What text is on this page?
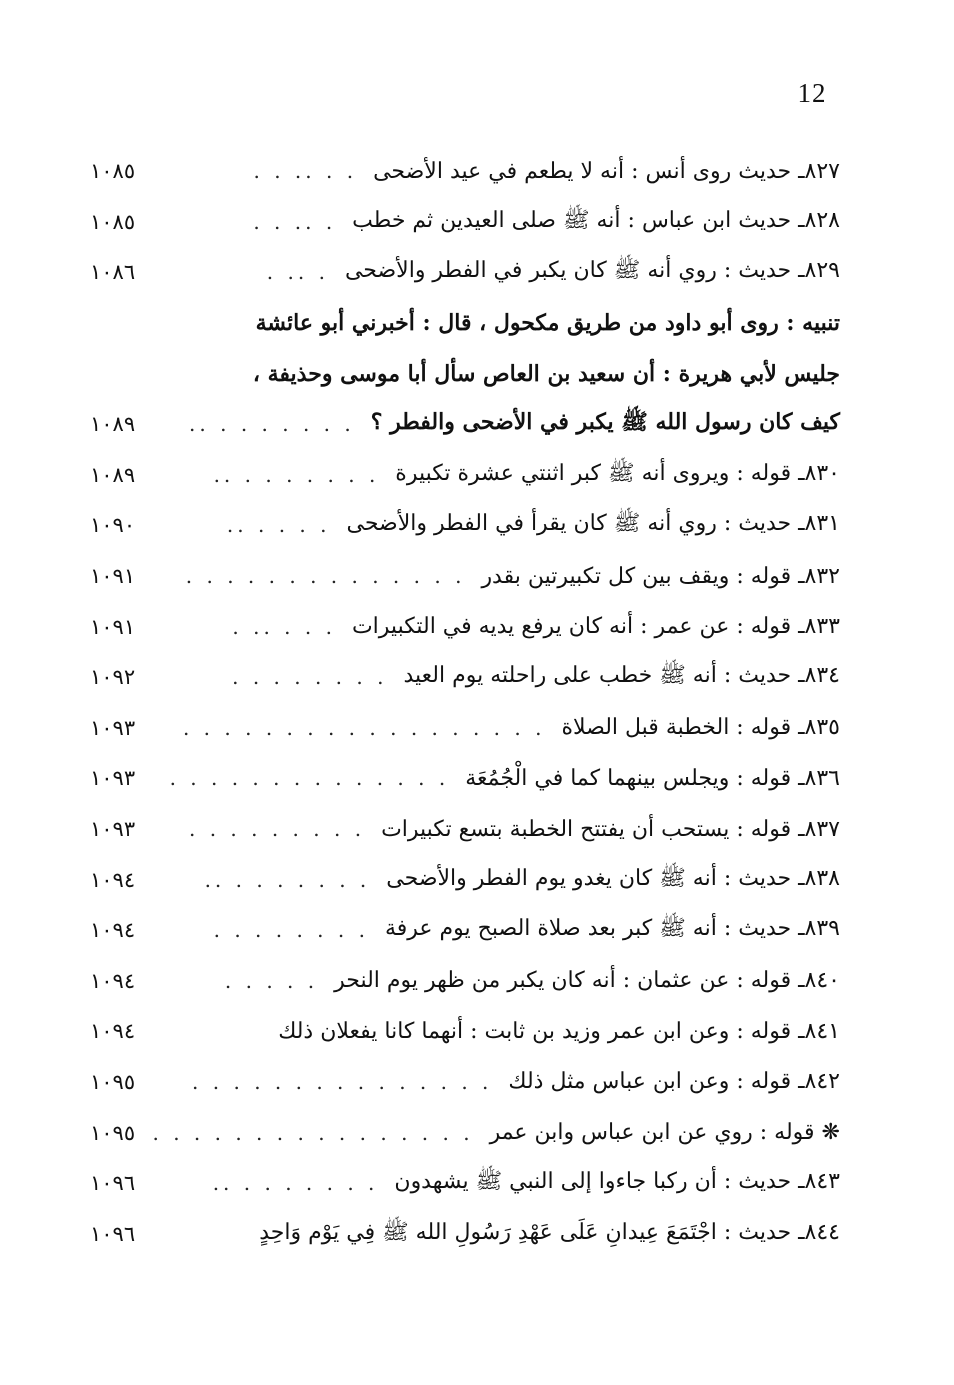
12
٨٢٧ـ حديث روى أنس : أنه لا يطعم في عيد الأضحى
. . .. . .
١٠٨٥
٨٢٨ـ حديث ابن عباس : أنه ﷺ صلى العيدين ثم خطب
. .. . .
١٠٨٥
٨٢٩ـ حديث : روي أنه ﷺ كان يكبر في الفطر والأضحى
. .. .
١٠٨٦
تنبيه : روى أبو داود من طريق مكحول ، قال : أخبرني أبو عائشة
جليس لأبي هريرة : أن سعيد بن العاص سأل أبا موسى وحذيفة ،
كيف كان رسول الله ﷺ يكبر في الأضحى والفطر ؟
. . . . . . . ..
١٠٨٩
٨٣٠ـ قوله : ويروى أنه ﷺ كبر اثنتي عشرة تكبيرة
. . . . . . . ..
١٠٨٩
٨٣١ـ حديث : روي أنه ﷺ كان يقرأ في الفطر والأضحى
. . . . ..
١٠٩٠
٨٣٢ـ قوله : ويقف بين كل تكبيرتين بقدر
. . . . . . . . . . . . . .
١٠٩١
٨٣٣ـ قوله : عن عمر : أنه كان يرفع يديه في التكبيرات
. . . .. .
١٠٩١
٨٣٤ـ حديث : أنه ﷺ خطب على راحلته يوم العيد
. . . . . . . .
١٠٩٢
٨٣٥ـ قوله : الخطبة قبل الصلاة
. . . . . . . . . . . . . . . . . .
١٠٩٣
٨٣٦ـ قوله : ويجلس بينهما كما في الْجُمُعَة
. . . . . . . . . . . . . .
١٠٩٣
٨٣٧ـ قوله : يستحب أن يفتتح الخطبة بتسع تكبيرات
. . . . . . . . .
١٠٩٣
٨٣٨ـ حديث : أنه ﷺ كان يغدو يوم الفطر والأضحى
. . . . . . . ..
١٠٩٤
٨٣٩ـ حديث : أنه ﷺ كبر بعد صلاة الصبح يوم عرفة
. . . . . . . .
١٠٩٤
٨٤٠ـ قوله : عن عثمان : أنه كان يكبر من ظهر يوم النحر
. . . . .
١٠٩٤
٨٤١ـ قوله : وعن ابن عمر وزيد بن ثابت : أنهما كانا يفعلان ذلك
١٠٩٤
٨٤٢ـ قوله : وعن ابن عباس مثل ذلك
. . . . . . . . . . . . . . .
١٠٩٥
❋ قوله : روي عن ابن عباس وابن عمر
. . . . . . . . . . . . . . . .
١٠٩٥
٨٤٣ـ حديث : أن ركبا جاءوا إلى النبي ﷺ يشهدون
. . . . . . . ..
١٠٩٦
٨٤٤ـ حديث : اجْتَمَعَ عِيدانِ عَلَى عَهْدِ رَسُولِ الله ﷺ فِي يَوْم وَاحِدٍ
١٠٩٦
